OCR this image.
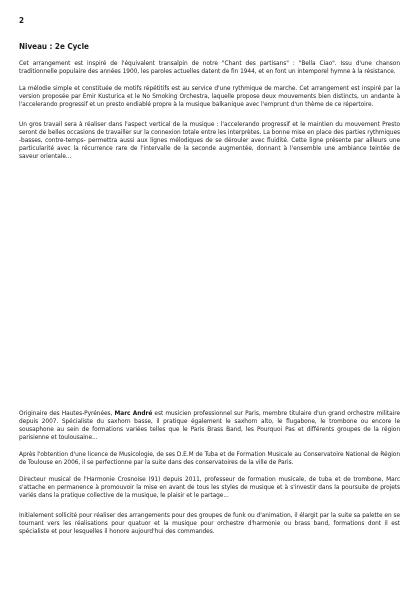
2
Niveau : 2e Cycle

Cet arrangement est inspiré de l'équivalent transalpin de notre "Chant des partisans" : "Bella Ciao". Issu d'une chanson traditionnelle populaire des années 1900, les paroles actuelles datent de fin 1944, et en font un intemporel hymne à la résistance.

La mélodie simple et constituée de motifs répétitifs est au service d'une rythmique de marche. Cet arrangement est inspiré par la version proposée par Emir Kusturica et le No Smoking Orchestra, laquelle propose deux mouvements bien distincts, un andante à l'accelerando progressif et un presto endiablé propre à la musique balkanique avec l'emprunt d'un thème de ce répertoire.

Un gros travail sera à réaliser dans l'aspect vertical de la musique : l'accelerando progressif et le maintien du mouvement Presto seront de belles occasions de travailler sur la connexion totale entre les interprètes. La bonne mise en place des parties rythmiques -basses, contre-temps- permettra aussi aux lignes mélodiques de se dérouler avec fluidité. Cette ligne présente par ailleurs une particularité avec la récurrence rare de l'intervalle de la seconde augmentée, donnant à l'ensemble une ambiance teintée de saveur orientale...

Originaire des Hautes-Pyrénées, Marc André est musicien professionnel sur Paris, membre titulaire d'un grand orchestre militaire depuis 2007. Spécialiste du saxhorn basse, il pratique également le saxhorn alto, le flugabone, le trombone ou encore le sousaphone au sein de formations variées telles que le Paris Brass Band, les Pourquoi Pas et différents groupes de la région parisienne et toulousaine...

Après l'obtention d'une licence de Musicologie, de ses D.E.M de Tuba et de Formation Musicale au Conservatoire National de Région de Toulouse en 2006, il se perfectionne par la suite dans des conservatoires de la ville de Paris.

Directeur musical de l'Harmonie Crosnoise (91) depuis 2011, professeur de formation musicale, de tuba et de trombone, Marc s'attache en permanence à promouvoir la mise en avant de tous les styles de musique et à s'investir dans la poursuite de projets variés dans la pratique collective de la musique, le plaisir et le partage...

Initialement sollicité pour réaliser des arrangements pour des groupes de funk ou d'animation, il élargit par la suite sa palette en se tournant vers les réalisations pour quatuor et la musique pour orchestre d'harmonie ou brass band, formations dont il est spécialiste et pour lesquelles il honore aujourd'hui des commandes.
